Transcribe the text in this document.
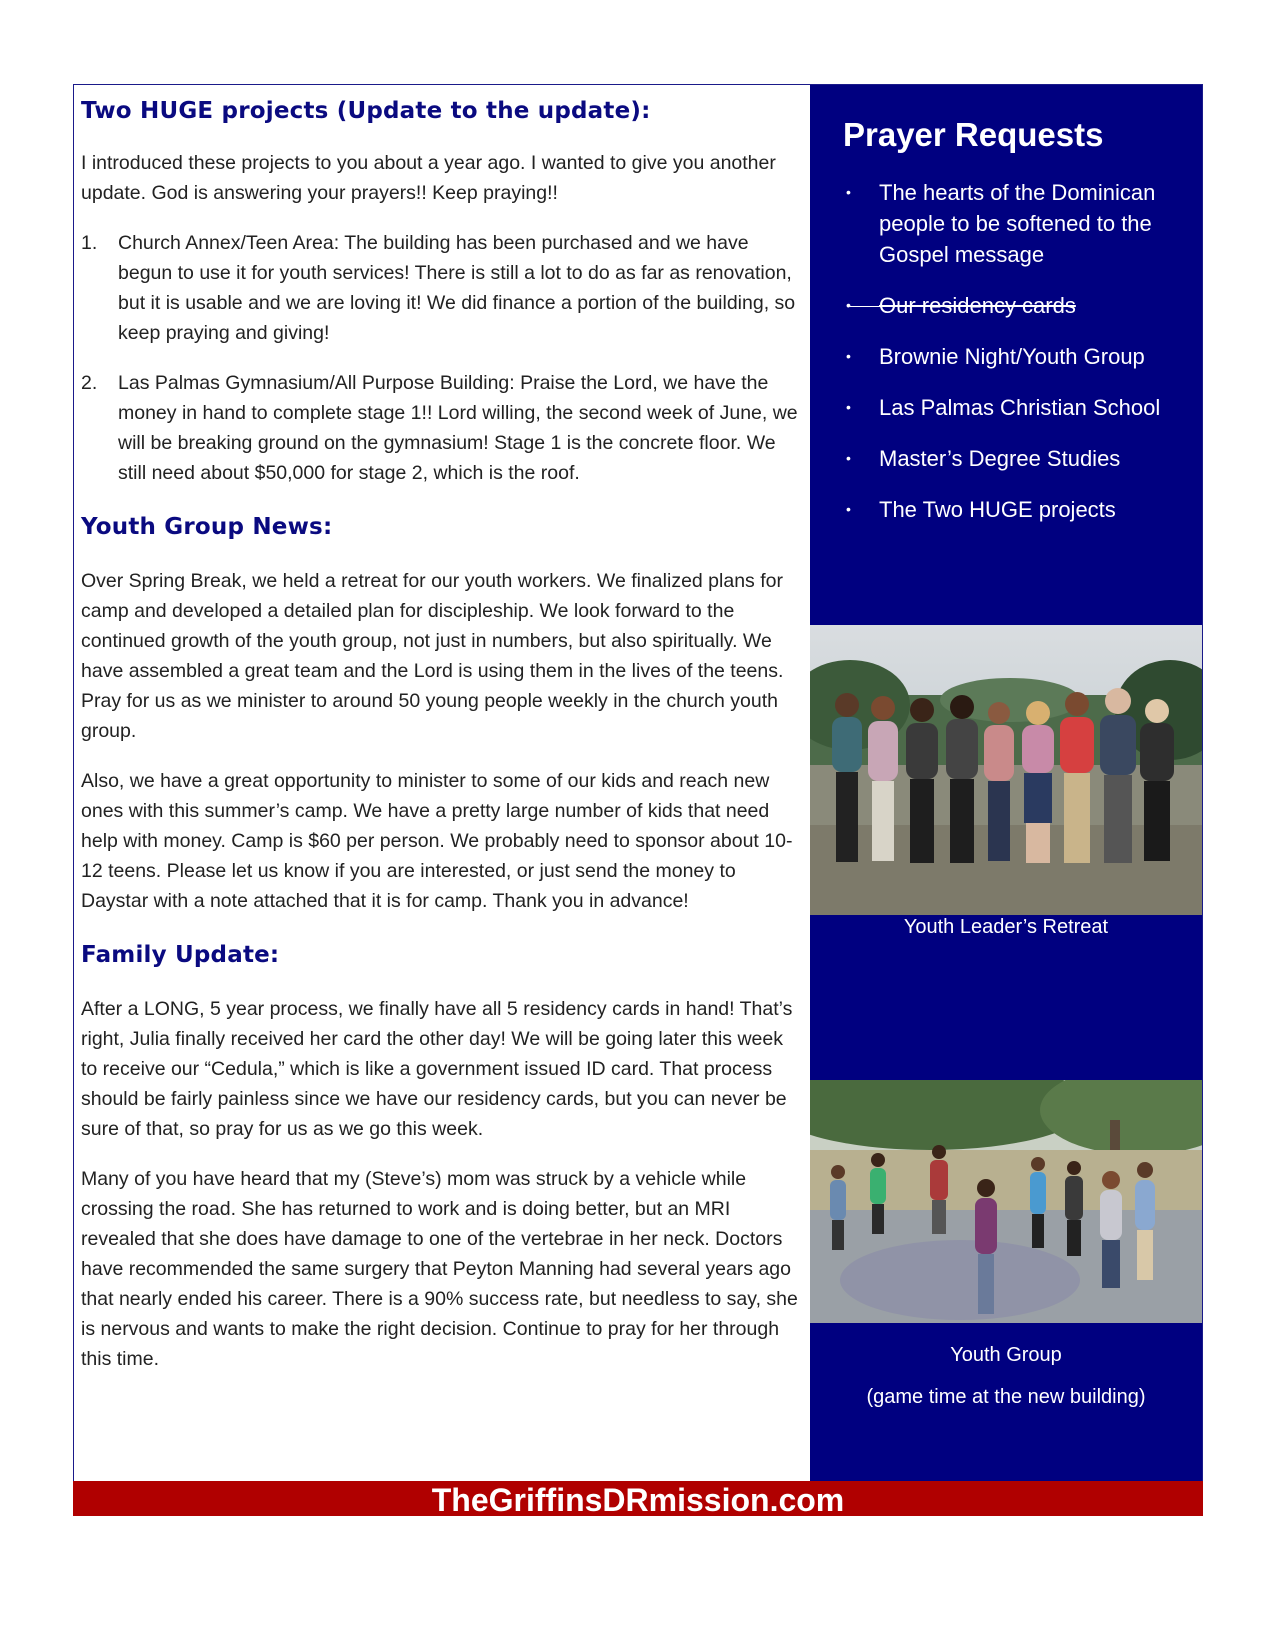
Two HUGE projects (Update to the update):

I introduced these projects to you about a year ago. I wanted to give you another update. God is answering your prayers!! Keep praying!!

1. Church Annex/Teen Area: The building has been purchased and we have begun to use it for youth services! There is still a lot to do as far as renovation, but it is usable and we are loving it! We did finance a portion of the building, so keep praying and giving!
2. Las Palmas Gymnasium/All Purpose Building: Praise the Lord, we have the money in hand to complete stage 1!! Lord willing, the second week of June, we will be breaking ground on the gymnasium! Stage 1 is the concrete floor. We still need about $50,000 for stage 2, which is the roof.
Youth Group News:

Over Spring Break, we held a retreat for our youth workers. We finalized plans for camp and developed a detailed plan for discipleship. We look forward to the continued growth of the youth group, not just in numbers, but also spiritually. We have assembled a great team and the Lord is using them in the lives of the teens. Pray for us as we minister to around 50 young people weekly in the church youth group.

Also, we have a great opportunity to minister to some of our kids and reach new ones with this summer’s camp. We have a pretty large number of kids that need help with money. Camp is $60 per person. We probably need to sponsor about 10-12 teens. Please let us know if you are interested, or just send the money to Daystar with a note attached that it is for camp. Thank you in advance!

Family Update:

After a LONG, 5 year process, we finally have all 5 residency cards in hand! That’s right, Julia finally received her card the other day! We will be going later this week to receive our “Cedula,” which is like a government issued ID card. That process should be fairly painless since we have our residency cards, but you can never be sure of that, so pray for us as we go this week.

Many of you have heard that my (Steve’s) mom was struck by a vehicle while crossing the road. She has returned to work and is doing better, but an MRI revealed that she does have damage to one of the vertebrae in her neck. Doctors have recommended the same surgery that Peyton Manning had several years ago that nearly ended his career. There is a 90% success rate, but needless to say, she is nervous and wants to make the right decision. Continue to pray for her through this time.

Prayer Requests
• The hearts of the Dominican people to be softened to the Gospel message
• Our residency cards
• Brownie Night/Youth Group
• Las Palmas Christian School
• Master’s Degree Studies
• The Two HUGE projects
Youth Leader’s Retreat
Youth Group
(game time at the new building)
TheGriffinsDRmission.com
